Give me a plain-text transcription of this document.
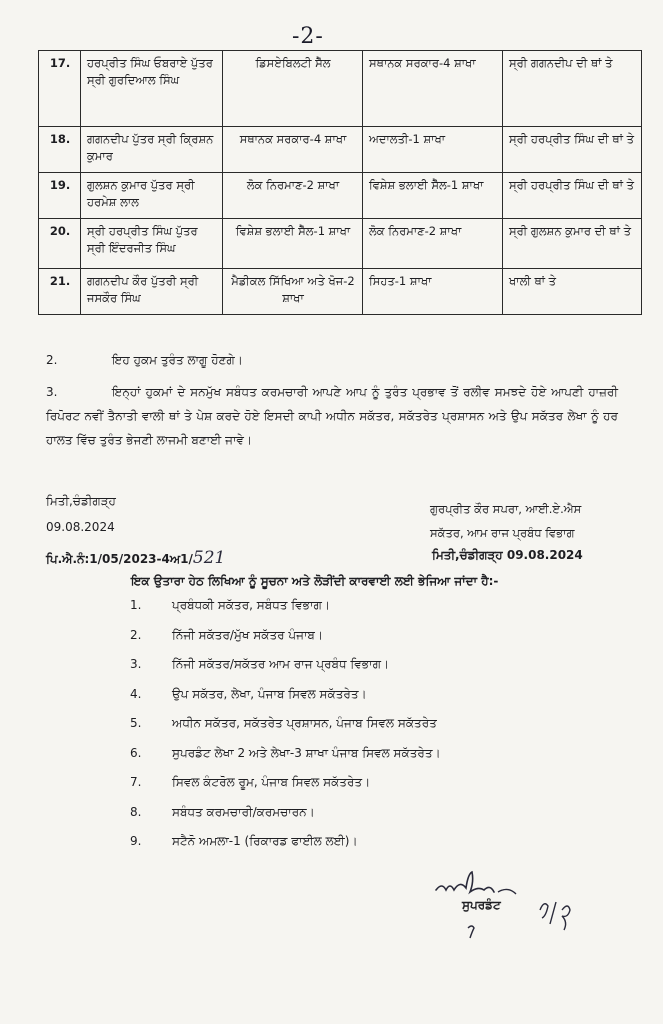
-2-
17.	ਹਰਪ੍ਰੀਤ ਸਿੰਘ ਓਬਰਾਏ ਪੁੱਤਰ ਸ੍ਰੀ ਗੁਰਦਿਆਲ ਸਿੰਘ	ਡਿਸਏਬਿਲਟੀ ਸੈੱਲ	ਸਥਾਨਕ ਸਰਕਾਰ-4 ਸ਼ਾਖਾ	ਸ੍ਰੀ ਗਗਨਦੀਪ ਦੀ ਥਾਂ ਤੇ
18.	ਗਗਨਦੀਪ ਪੁੱਤਰ ਸ੍ਰੀ ਕ੍ਰਿਸ਼ਨ ਕੁਮਾਰ	ਸਥਾਨਕ ਸਰਕਾਰ-4 ਸ਼ਾਖਾ	ਅਦਾਲਤੀ-1 ਸ਼ਾਖਾ	ਸ੍ਰੀ ਹਰਪ੍ਰੀਤ ਸਿੰਘ ਦੀ ਥਾਂ ਤੇ
19.	ਗੁਲਸ਼ਨ ਕੁਮਾਰ ਪੁੱਤਰ ਸ੍ਰੀ ਹਰਮੇਸ਼ ਲਾਲ	ਲੋਕ ਨਿਰਮਾਣ-2 ਸ਼ਾਖਾ	ਵਿਸ਼ੇਸ਼ ਭਲਾਈ ਸੈੱਲ-1 ਸ਼ਾਖਾ	ਸ੍ਰੀ ਹਰਪ੍ਰੀਤ ਸਿੰਘ ਦੀ ਥਾਂ ਤੇ
20.	ਸ੍ਰੀ ਹਰਪ੍ਰੀਤ ਸਿੰਘ ਪੁੱਤਰ ਸ੍ਰੀ ਇੰਦਰਜੀਤ ਸਿੰਘ	ਵਿਸ਼ੇਸ਼ ਭਲਾਈ ਸੈੱਲ-1 ਸ਼ਾਖਾ	ਲੋਕ ਨਿਰਮਾਣ-2 ਸ਼ਾਖਾ	ਸ੍ਰੀ ਗੁਲਸ਼ਨ ਕੁਮਾਰ ਦੀ ਥਾਂ ਤੇ
21.	ਗਗਨਦੀਪ ਕੌਰ ਪੁੱਤਰੀ ਸ੍ਰੀ ਜਸਕੌਰ ਸਿੰਘ	ਮੈਡੀਕਲ ਸਿੱਖਿਆ ਅਤੇ ਖੋਜ-2 ਸ਼ਾਖਾ	ਸਿਹਤ-1 ਸ਼ਾਖਾ	ਖਾਲੀ ਥਾਂ ਤੇ
2.	ਇਹ ਹੁਕਮ ਤੁਰੰਤ ਲਾਗੂ ਹੋਣਗੇ।
3.	ਇਨ੍ਹਾਂ ਹੁਕਮਾਂ ਦੇ ਸਨਮੁੱਖ ਸਬੰਧਤ ਕਰਮਚਾਰੀ ਆਪਣੇ ਆਪ ਨੂੰ ਤੁਰੰਤ ਪ੍ਰਭਾਵ ਤੋਂ ਰਲੀਵ ਸਮਝਦੇ ਹੋਏ ਆਪਣੀ ਹਾਜ਼ਰੀ ਰਿਪੋਰਟ ਨਵੀਂ ਤੈਨਾਤੀ ਵਾਲੀ ਥਾਂ ਤੇ ਪੇਸ਼ ਕਰਦੇ ਹੋਏ ਇਸਦੀ ਕਾਪੀ ਅਧੀਨ ਸਕੱਤਰ, ਸਕੱਤਰੇਤ ਪ੍ਰਸ਼ਾਸਨ ਅਤੇ ਉਪ ਸਕੱਤਰ ਲੇਖਾ ਨੂੰ ਹਰ ਹਾਲਤ ਵਿੱਚ ਤੁਰੰਤ ਭੇਜਣੀ ਲਾਜਮੀ ਬਣਾਈ ਜਾਵੇ।
ਮਿਤੀ,ਚੰਡੀਗੜ੍ਹ
09.08.2024
ਗੁਰਪ੍ਰੀਤ ਕੌਰ ਸਪਰਾ, ਆਈ.ਏ.ਐਸ
ਸਕੱਤਰ, ਆਮ ਰਾਜ ਪ੍ਰਬੰਧ ਵਿਭਾਗ
ਮਿਤੀ,ਚੰਡੀਗੜ੍ਹ 09.08.2024
ਪਿ.ਐ.ਨੰ:1/05/2023-4ਅ1/521
ਇਕ ਉਤਾਰਾ ਹੇਠ ਲਿਖਿਆ ਨੂੰ ਸੂਚਨਾ ਅਤੇ ਲੋੜੀਂਦੀ ਕਾਰਵਾਈ ਲਈ ਭੇਜਿਆ ਜਾਂਦਾ ਹੈ:-
1.	ਪ੍ਰਬੰਧਕੀ ਸਕੱਤਰ, ਸਬੰਧਤ ਵਿਭਾਗ।
2.	ਨਿੱਜੀ ਸਕੱਤਰ/ਮੁੱਖ ਸਕੱਤਰ ਪੰਜਾਬ।
3.	ਨਿੱਜੀ ਸਕੱਤਰ/ਸਕੱਤਰ ਆਮ ਰਾਜ ਪ੍ਰਬੰਧ ਵਿਭਾਗ।
4.	ਉਪ ਸਕੱਤਰ, ਲੇਖਾ, ਪੰਜਾਬ ਸਿਵਲ ਸਕੱਤਰੇਤ।
5.	ਅਧੀਨ ਸਕੱਤਰ, ਸਕੱਤਰੇਤ ਪ੍ਰਸ਼ਾਸਨ, ਪੰਜਾਬ ਸਿਵਲ ਸਕੱਤਰੇਤ
6.	ਸੁਪਰਡੰਟ ਲੇਖਾ 2 ਅਤੇ ਲੇਖਾ-3 ਸ਼ਾਖਾ ਪੰਜਾਬ ਸਿਵਲ ਸਕੱਤਰੇਤ।
7.	ਸਿਵਲ ਕੰਟਰੋਲ ਰੂਮ, ਪੰਜਾਬ ਸਿਵਲ ਸਕੱਤਰੇਤ।
8.	ਸਬੰਧਤ ਕਰਮਚਾਰੀ/ਕਰਮਚਾਰਨ।
9.	ਸਟੈਨੋ ਅਮਲਾ-1 (ਰਿਕਾਰਡ ਫਾਈਲ ਲਈ)।
ਸੁਪਰਡੰਟ
